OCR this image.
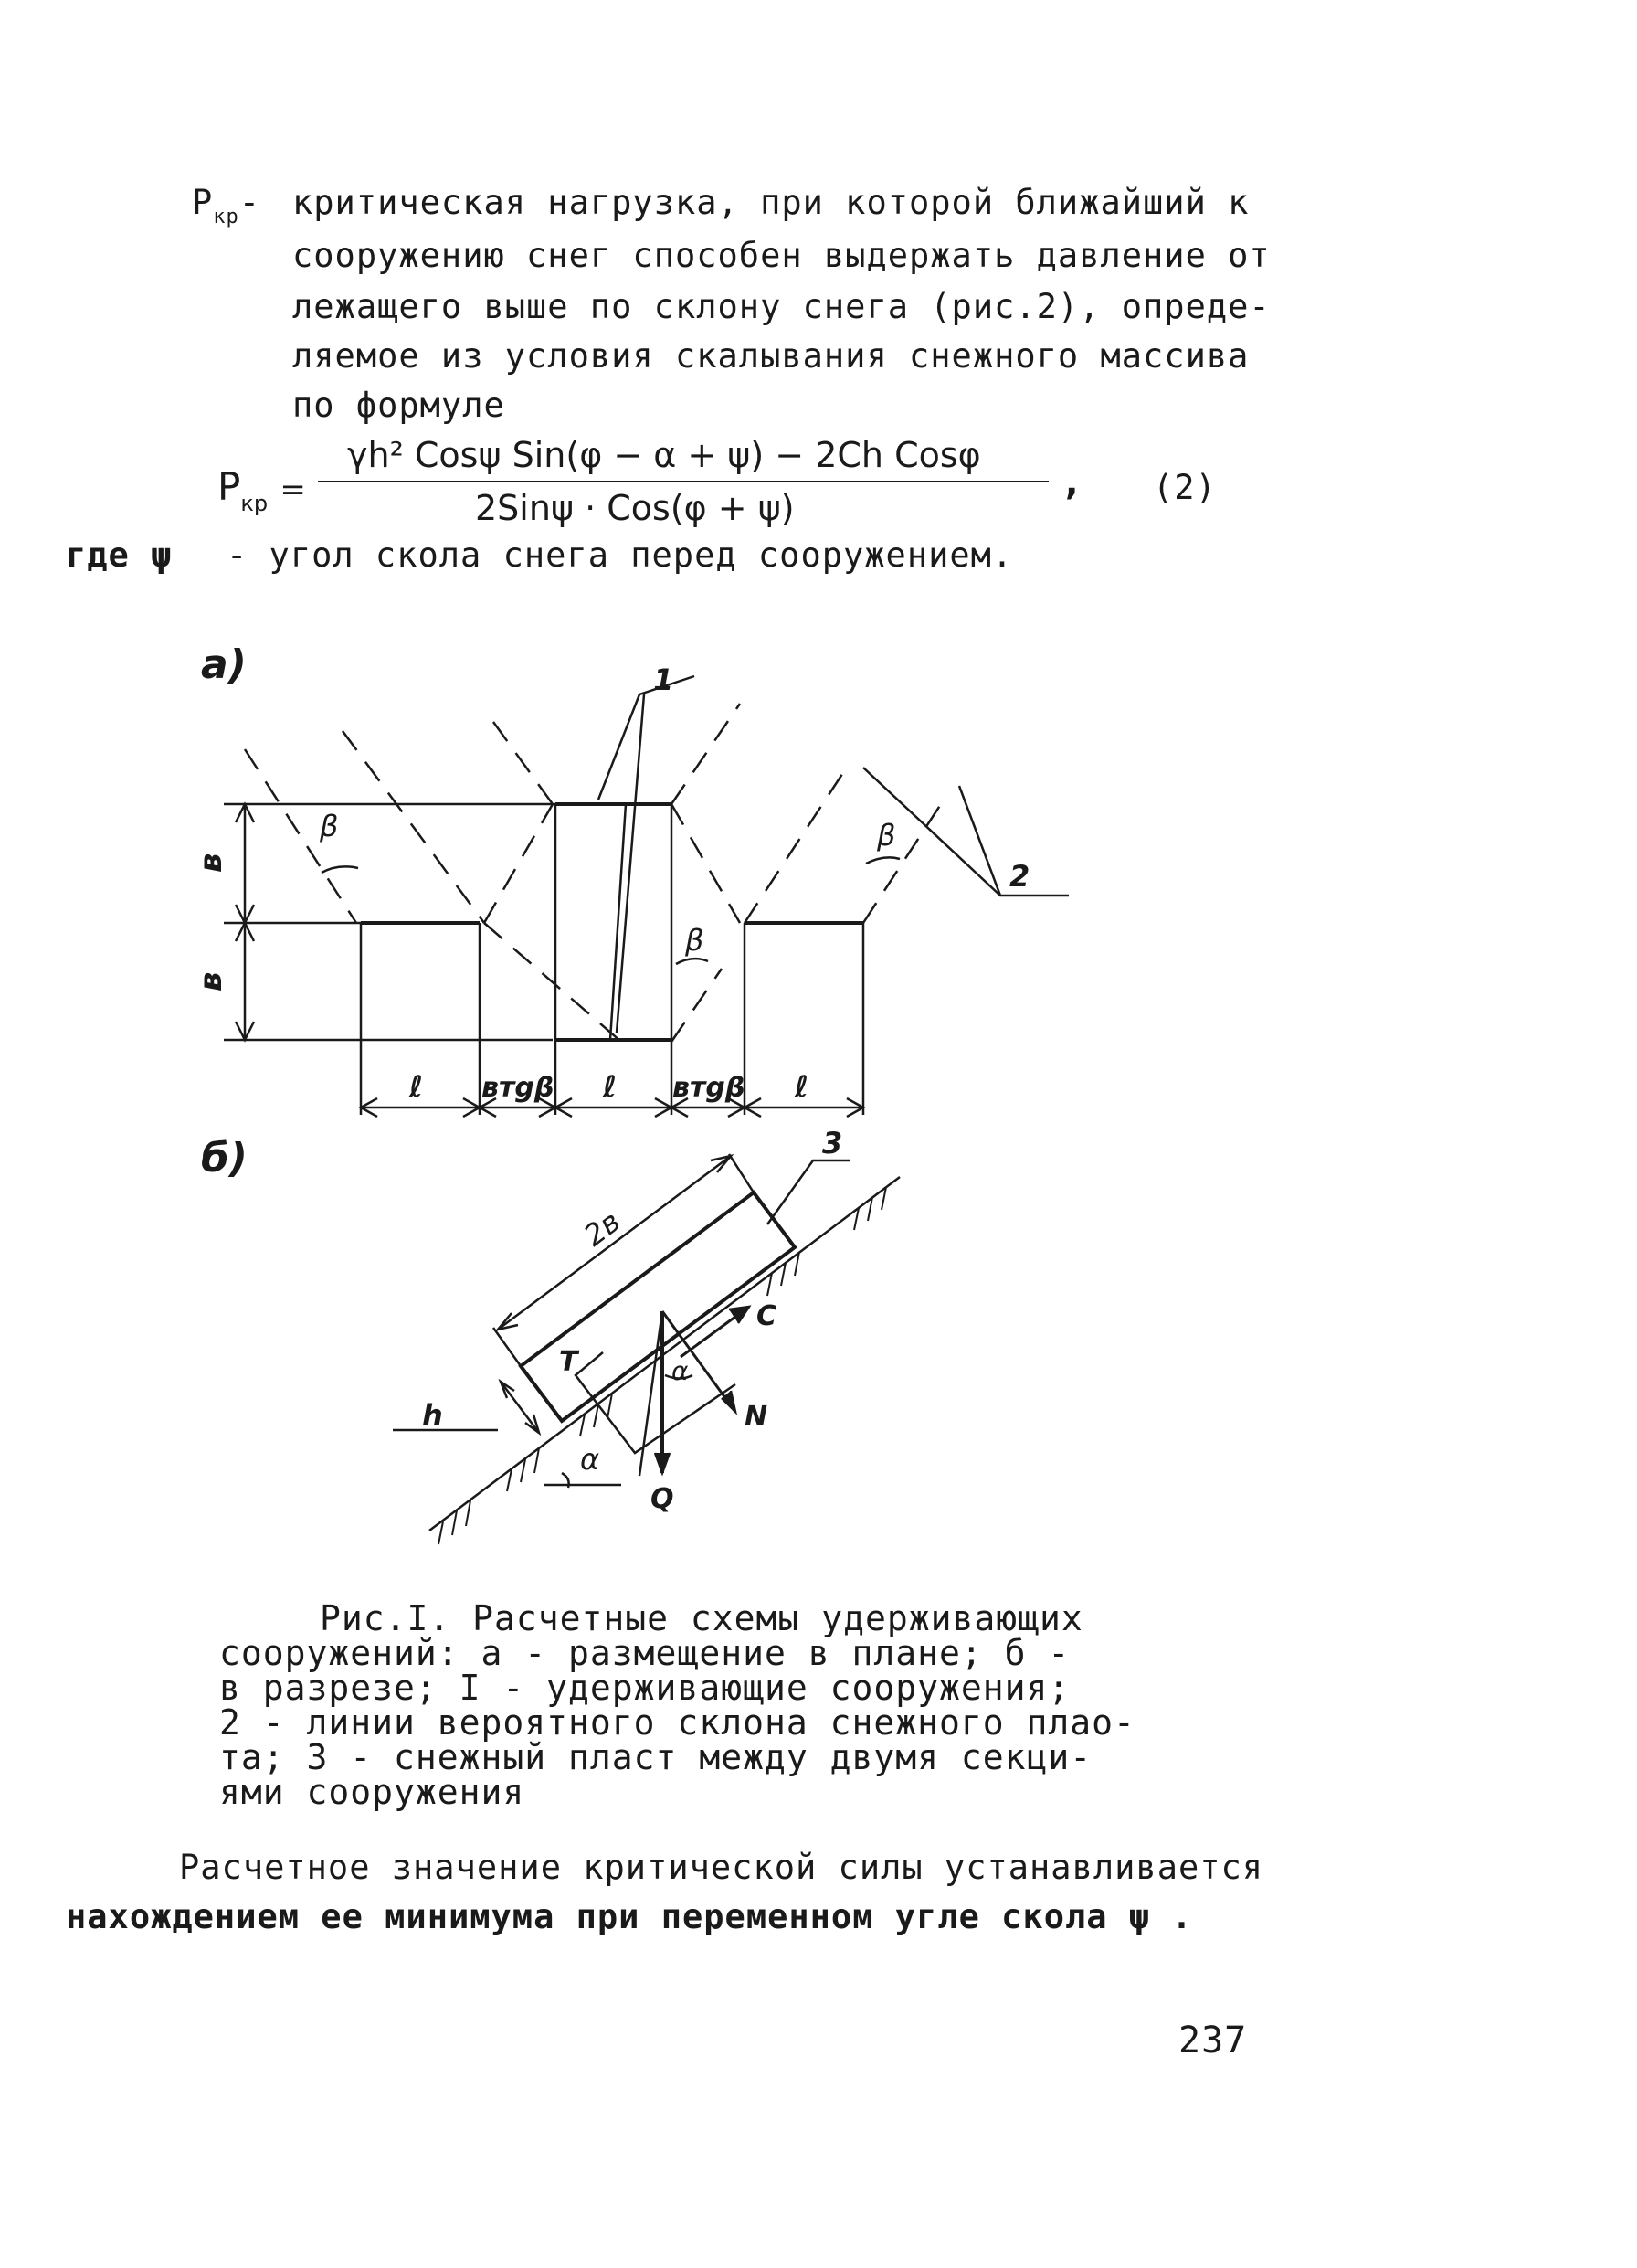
$P_{кр}-$ критическая нагрузка, при которой ближайший к
сооружению снег способен выдержать давление от
лежащего выше по склону снега (рис.2), опреде-
ляемое из условия скалывания снежного массива
по формуле
$P_{кр}$ =
γh² Cosψ Sin(φ − α + ψ) − 2Ch Cosφ
2Sinψ · Cos(φ + ψ)
, (2)
где ψ - угол скола снега перед сооружением.
а)
б)
1
2
3
β
β
β
в
в
ℓ втgβ ℓ втgβ ℓ
2в
h
α
α
T
C
N
Q
Рис.I. Расчетные схемы удерживающих
сооружений: а - размещение в плане; б -
в разрезе; I - удерживающие сооружения;
2 - линии вероятного склона снежного плаo-
та; 3 - снежный пласт между двумя секци-
ями сооружения
Расчетное значение критической силы устанавливается
нахождением ее минимума при переменном угле скола ψ .
237
